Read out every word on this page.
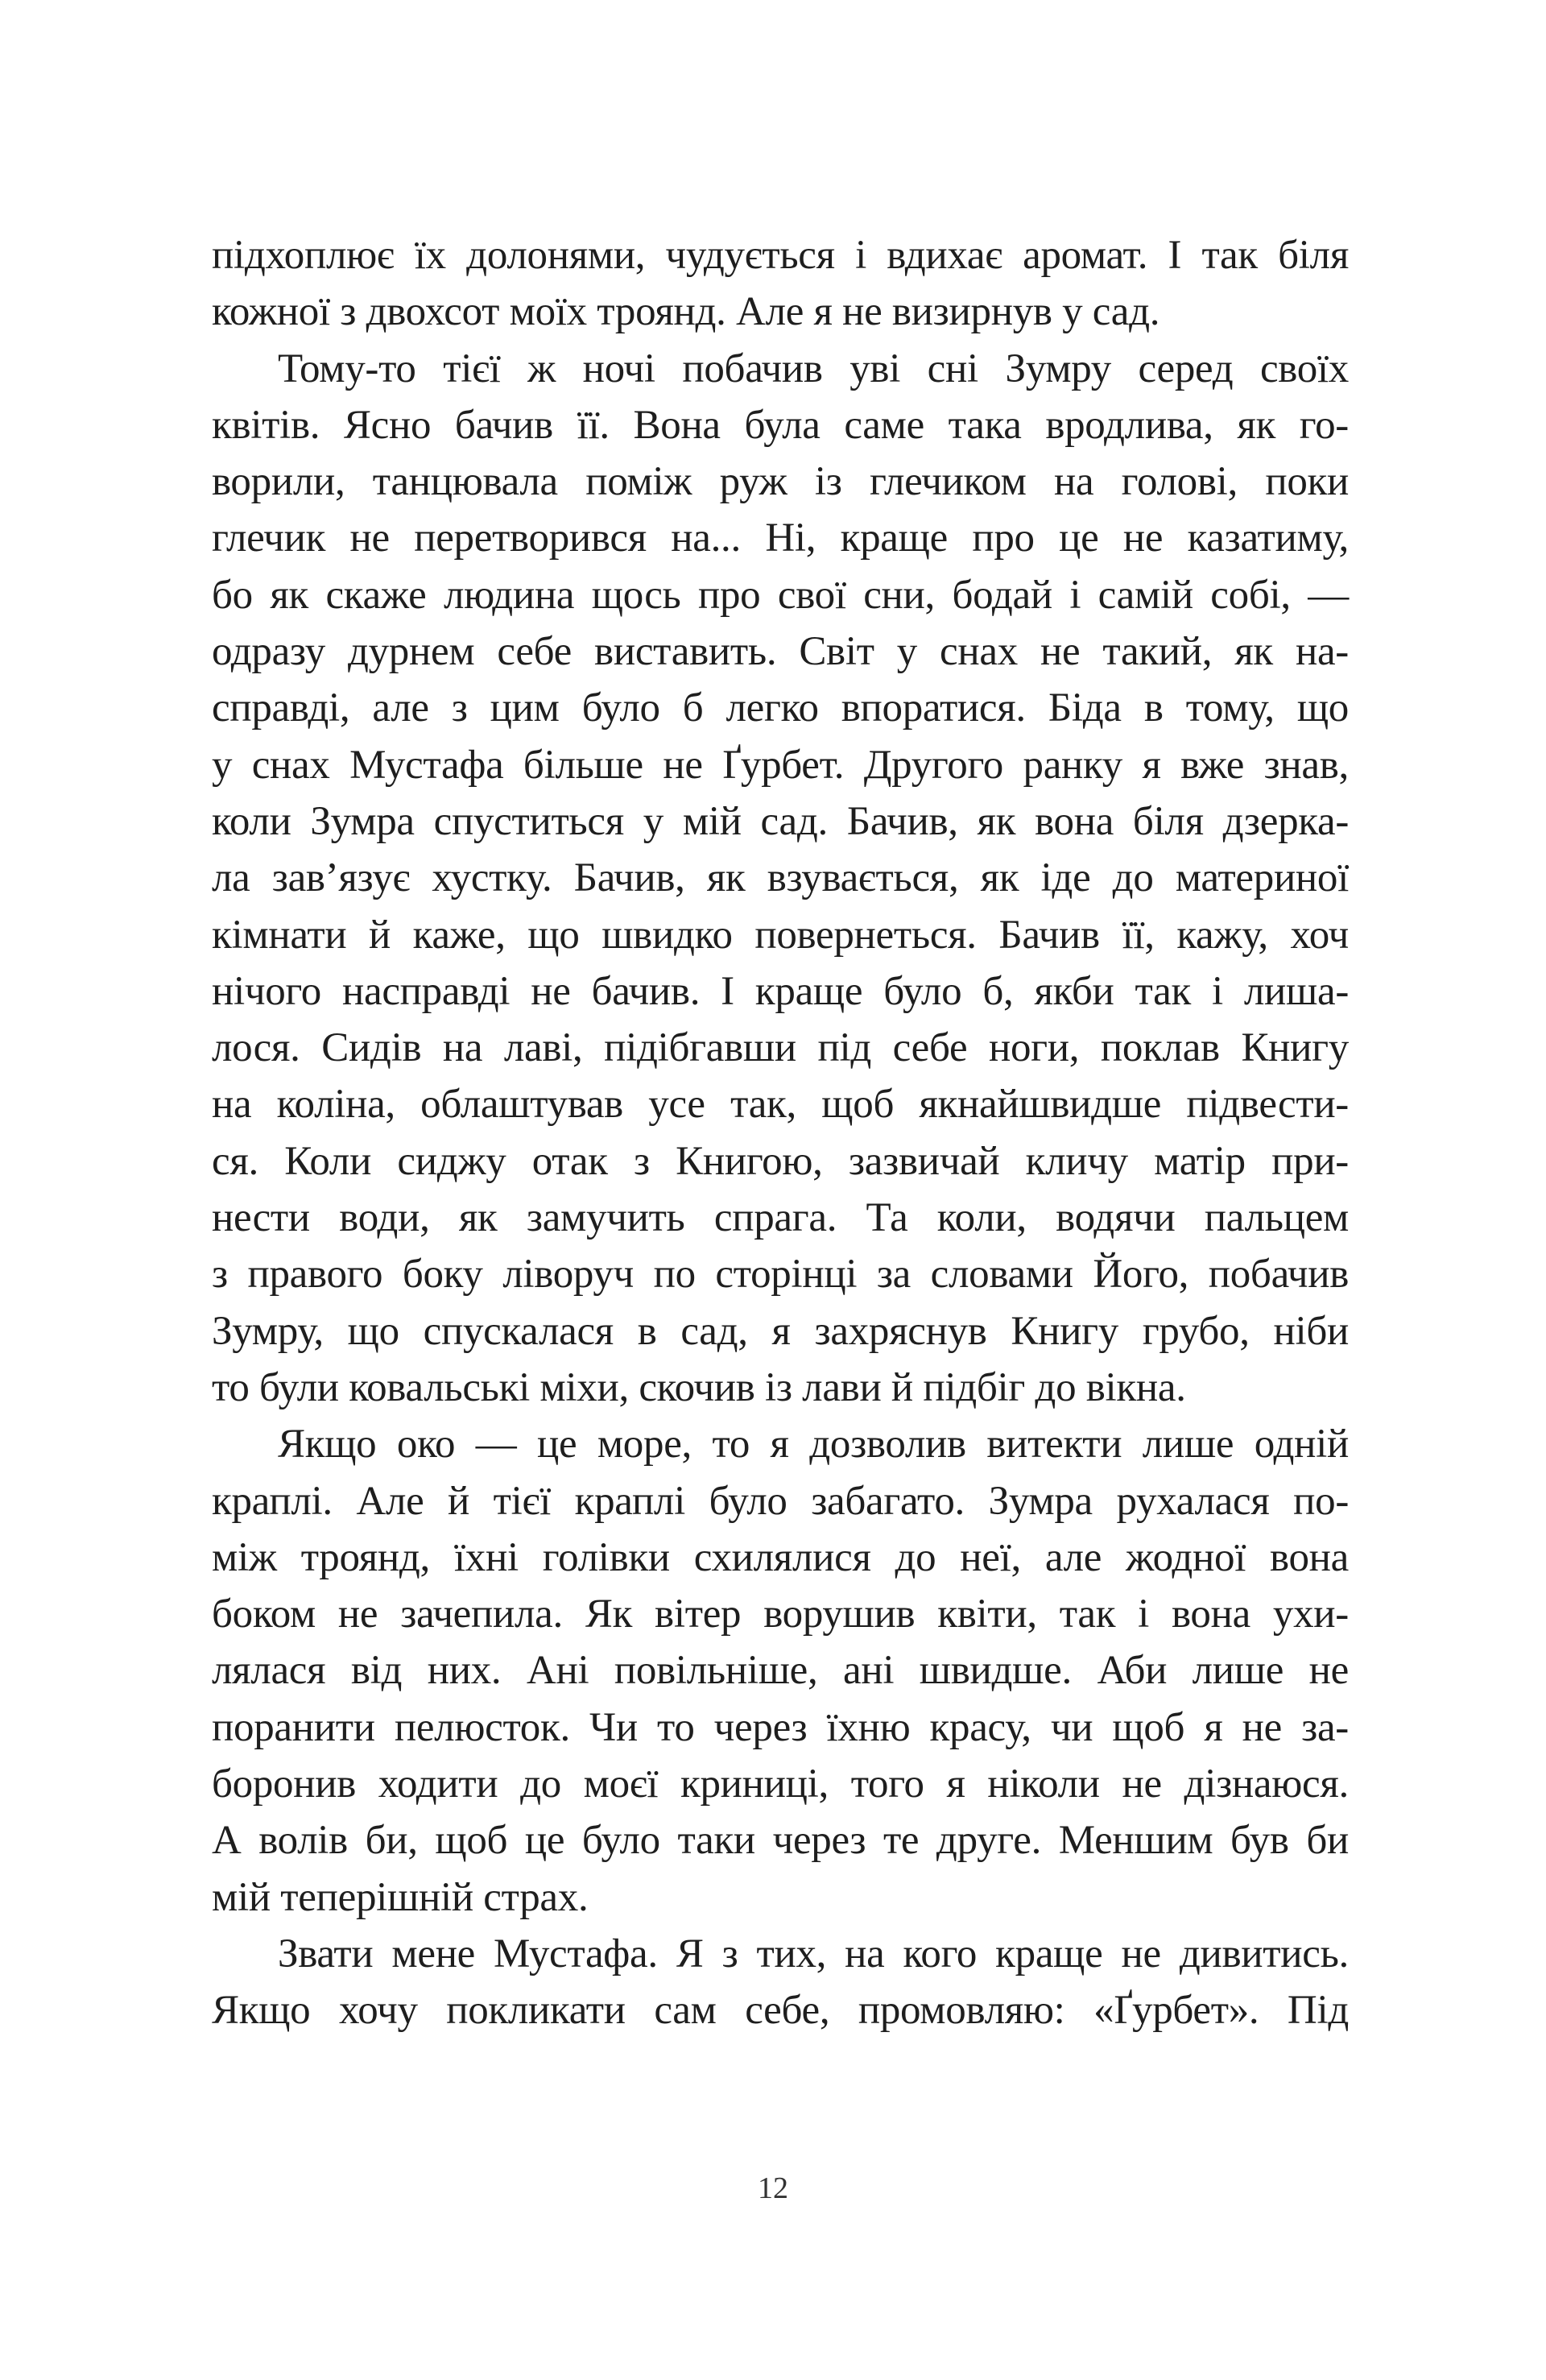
підхоплює їх долонями, чудується і вдихає аромат. І так біля
кожної з двохсот моїх троянд. Але я не визирнув у сад.
Тому-то тієї ж ночі побачив уві сні Зумру серед своїх
квітів. Ясно бачив її. Вона була саме така вродлива, як го-
ворили, танцювала поміж руж із глечиком на голові, поки
глечик не перетворився на... Ні, краще про це не казатиму,
бо як скаже людина щось про свої сни, бодай і самій собі, —
одразу дурнем себе виставить. Світ у снах не такий, як на-
справді, але з цим було б легко впоратися. Біда в тому, що
у снах Мустафа більше не Ґурбет. Другого ранку я вже знав,
коли Зумра спуститься у мій сад. Бачив, як вона біля дзерка-
ла зав’язує хустку. Бачив, як взувається, як іде до материної
кімнати й каже, що швидко повернеться. Бачив її, кажу, хоч
нічого насправді не бачив. І краще було б, якби так і лиша-
лося. Сидів на лаві, підібгавши під себе ноги, поклав Книгу
на коліна, облаштував усе так, щоб якнайшвидше підвести-
ся. Коли сиджу отак з Книгою, зазвичай кличу матір при-
нести води, як замучить спрага. Та коли, водячи пальцем
з правого боку ліворуч по сторінці за словами Його, побачив
Зумру, що спускалася в сад, я захряснув Книгу грубо, ніби
то були ковальські міхи, скочив із лави й підбіг до вікна.
Якщо око — це море, то я дозволив витекти лише одній
краплі. Але й тієї краплі було забагато. Зумра рухалася по-
між троянд, їхні голівки схилялися до неї, але жодної вона
боком не зачепила. Як вітер ворушив квіти, так і вона ухи-
лялася від них. Ані повільніше, ані швидше. Аби лише не
поранити пелюсток. Чи то через їхню красу, чи щоб я не за-
боронив ходити до моєї криниці, того я ніколи не дізнаюся.
А волів би, щоб це було таки через те друге. Меншим був би
мій теперішній страх.
Звати мене Мустафа. Я з тих, на кого краще не дивитись.
Якщо хочу покликати сам себе, промовляю: «Ґурбет». Під
12
